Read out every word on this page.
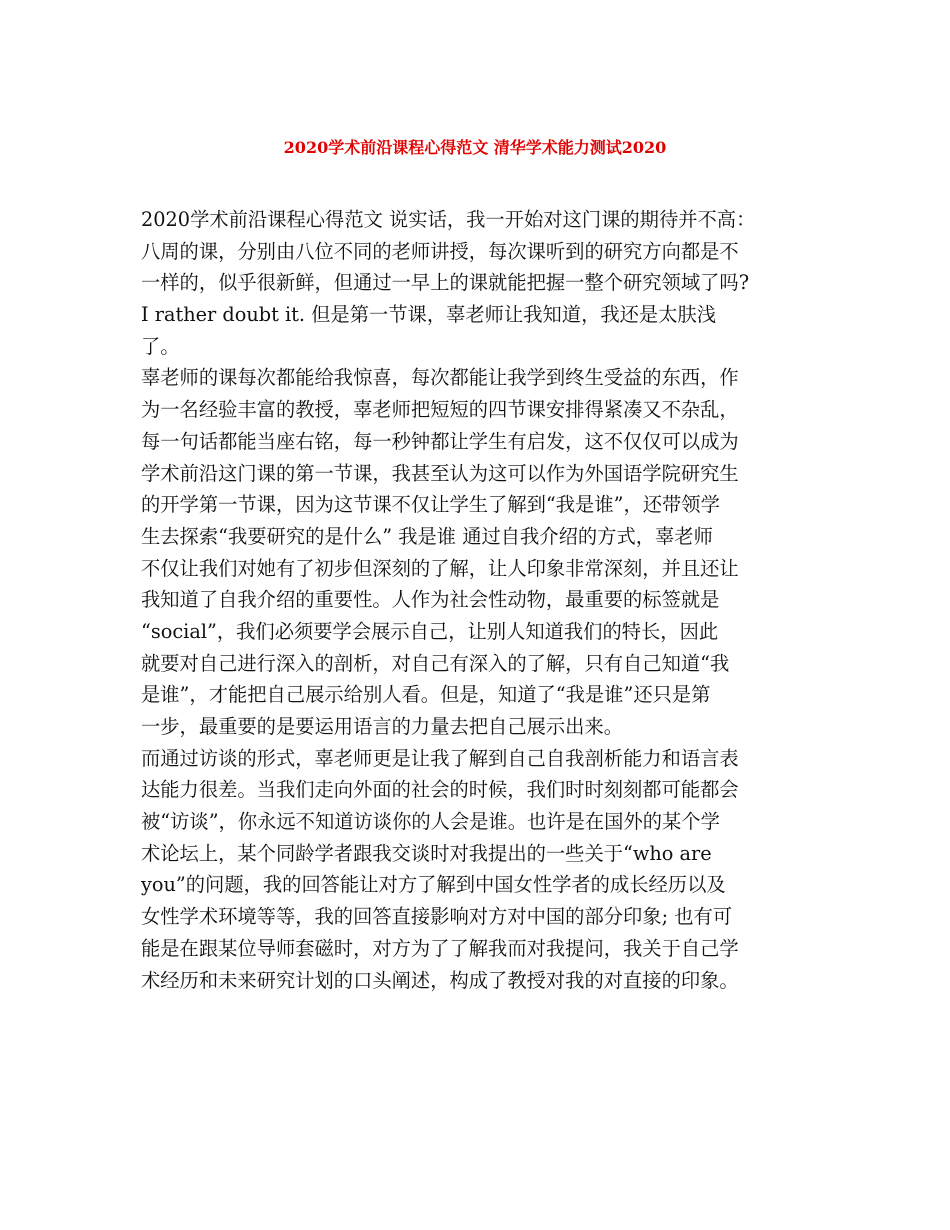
2020学术前沿课程心得范文 清华学术能力测试2020
2020学术前沿课程心得范文 说实话，我一开始对这门课的期待并不高：
八周的课，分别由八位不同的老师讲授，每次课听到的研究方向都是不
一样的，似乎很新鲜，但通过一早上的课就能把握一整个研究领域了吗?
I rather doubt it. 但是第一节课，辜老师让我知道，我还是太肤浅
了。
辜老师的课每次都能给我惊喜，每次都能让我学到终生受益的东西，作
为一名经验丰富的教授，辜老师把短短的四节课安排得紧凑又不杂乱，
每一句话都能当座右铭，每一秒钟都让学生有启发，这不仅仅可以成为
学术前沿这门课的第一节课，我甚至认为这可以作为外国语学院研究生
的开学第一节课，因为这节课不仅让学生了解到“我是谁”，还带领学
生去探索“我要研究的是什么” 我是谁 通过自我介绍的方式，辜老师
不仅让我们对她有了初步但深刻的了解，让人印象非常深刻，并且还让
我知道了自我介绍的重要性。人作为社会性动物，最重要的标签就是
“social”，我们必须要学会展示自己，让别人知道我们的特长，因此
就要对自己进行深入的剖析，对自己有深入的了解，只有自己知道“我
是谁”，才能把自己展示给别人看。但是，知道了“我是谁”还只是第
一步，最重要的是要运用语言的力量去把自己展示出来。
而通过访谈的形式，辜老师更是让我了解到自己自我剖析能力和语言表
达能力很差。当我们走向外面的社会的时候，我们时时刻刻都可能都会
被“访谈”，你永远不知道访谈你的人会是谁。也许是在国外的某个学
术论坛上，某个同龄学者跟我交谈时对我提出的一些关于“who are
you”的问题，我的回答能让对方了解到中国女性学者的成长经历以及
女性学术环境等等，我的回答直接影响对方对中国的部分印象; 也有可
能是在跟某位导师套磁时，对方为了了解我而对我提问，我关于自己学
术经历和未来研究计划的口头阐述，构成了教授对我的对直接的印象。
